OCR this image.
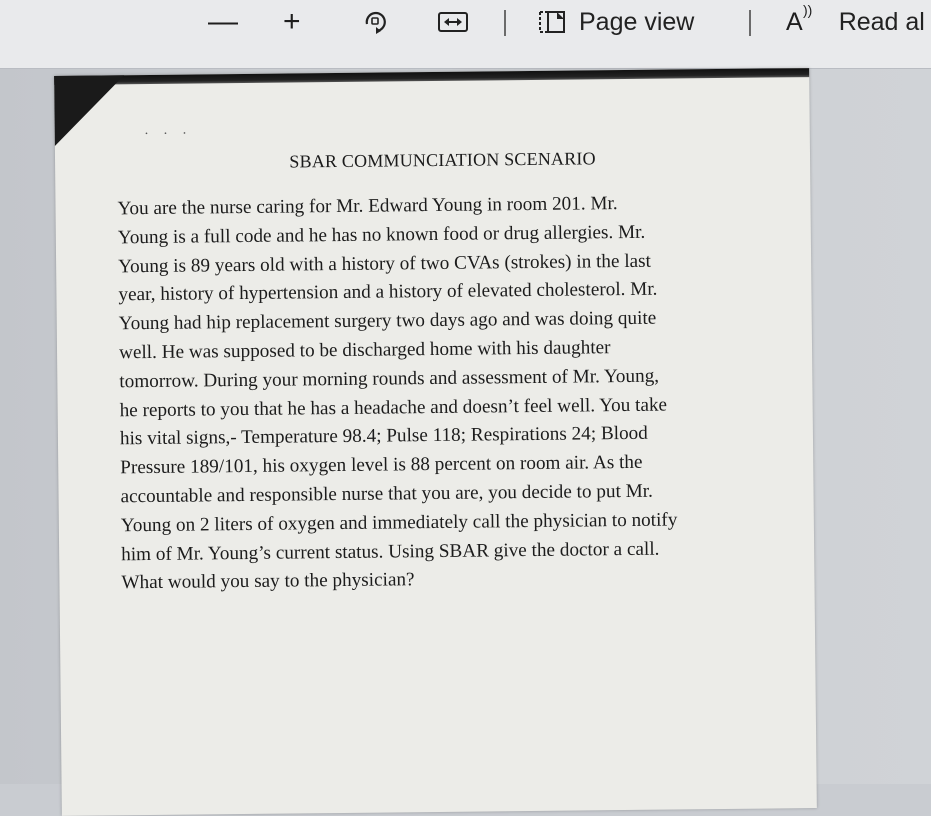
— +	Page view	A )) Read al
. . .
SBAR COMMUNCIATION SCENARIO
You are the nurse caring for Mr. Edward Young in room 201. Mr.
Young is a full code and he has no known food or drug allergies. Mr.
Young is 89 years old with a history of two CVAs (strokes) in the last
year, history of hypertension and a history of elevated cholesterol. Mr.
Young had hip replacement surgery two days ago and was doing quite
well. He was supposed to be discharged home with his daughter
tomorrow. During your morning rounds and assessment of Mr. Young,
he reports to you that he has a headache and doesn’t feel well. You take
his vital signs,- Temperature 98.4; Pulse 118; Respirations 24; Blood
Pressure 189/101, his oxygen level is 88 percent on room air. As the
accountable and responsible nurse that you are, you decide to put Mr.
Young on 2 liters of oxygen and immediately call the physician to notify
him of Mr. Young’s current status. Using SBAR give the doctor a call.
What would you say to the physician?
